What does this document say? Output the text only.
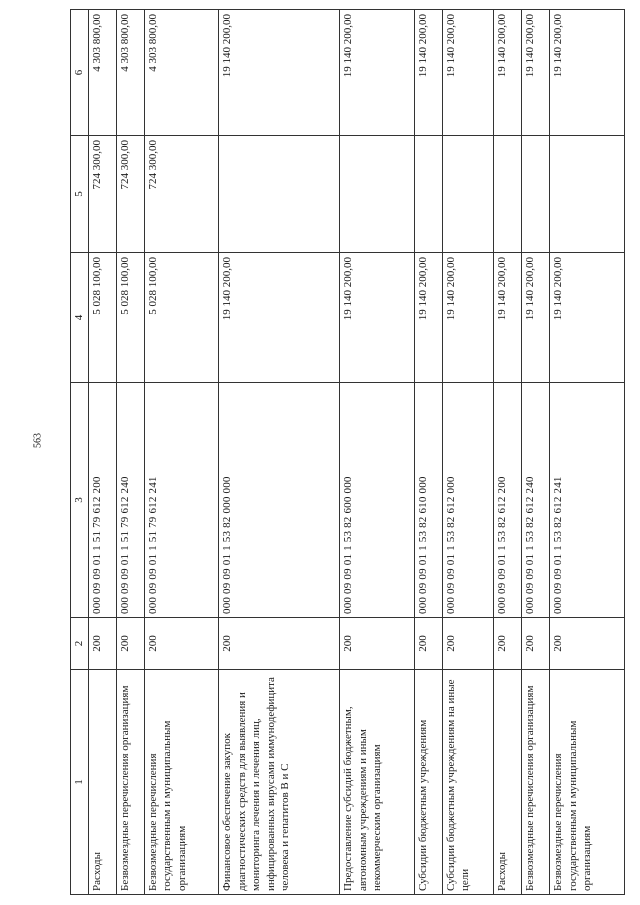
563
1	2	3	4	5	6
Расходы	200	000 09 09 01 1 51 79 612 200	5 028 100,00	724 300,00	4 303 800,00
Безвозмездные перечисления организациям	200	000 09 09 01 1 51 79 612 240	5 028 100,00	724 300,00	4 303 800,00
Безвозмездные перечисления государственным и муниципальным организациям	200	000 09 09 01 1 51 79 612 241	5 028 100,00	724 300,00	4 303 800,00
Финансовое обеспечение закупок диагностических средств для выявления и мониторинга лечения и лечения лиц, инфицированных вирусами иммунодефицита человека и гепатитов B и C	200	000 09 09 01 1 53 82 000 000	19 140 200,00		19 140 200,00
Предоставление субсидий бюджетным, автономным учреждениям и иным некоммерческим организациям	200	000 09 09 01 1 53 82 600 000	19 140 200,00		19 140 200,00
Субсидии бюджетным учреждениям	200	000 09 09 01 1 53 82 610 000	19 140 200,00		19 140 200,00
Субсидии бюджетным учреждениям на иные цели	200	000 09 09 01 1 53 82 612 000	19 140 200,00		19 140 200,00
Расходы	200	000 09 09 01 1 53 82 612 200	19 140 200,00		19 140 200,00
Безвозмездные перечисления организациям	200	000 09 09 01 1 53 82 612 240	19 140 200,00		19 140 200,00
Безвозмездные перечисления государственным и муниципальным организациям	200	000 09 09 01 1 53 82 612 241	19 140 200,00		19 140 200,00
